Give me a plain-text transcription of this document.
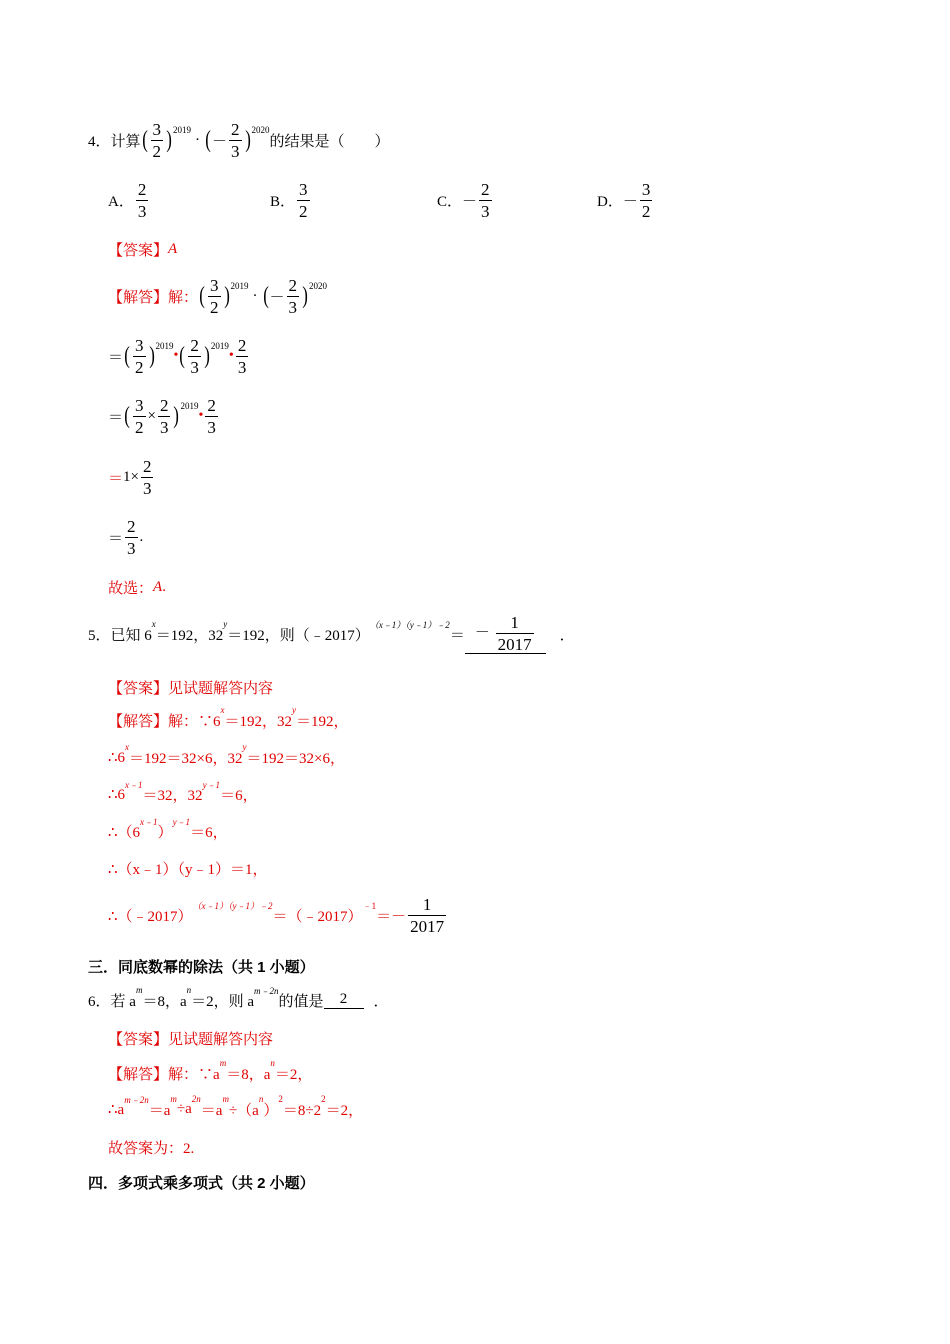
4． 计算 ( $\frac{3}{2} )^{2019}$
· ( － $\frac{2}{3} )^{2020}$
的结果是（　　）
A． $\frac{2}{3}$	B． $\frac{3}{2}$	C． － $\frac{2}{3}$	D． － $\frac{3}{2}$
【答案】 A
【解答】 解： ( $\frac{3}{2} )^{2019}$
· ( － $\frac{2}{3} )^{2020}$
＝ ( $\frac{3}{2} )^{2019}$
• ( $\frac{2}{3} )^{2019}$
• $\frac{2}{3}$
＝ ( $\frac{3}{2} \times \frac{2}{3} )^{2019}$
• $\frac{2}{3}$
＝ $1\times \frac{2}{3}$
＝ $\frac{2}{3}$ .
故选： A .
5． 已知 6
$^x$
＝192，32
$^y$
＝192，则（﹣2017）
$^{(x﹣1)(y﹣1)﹣2}$
＝ － $\frac{1}{2017}$ ．
【答案】 见试题解答内容
【解答】 解：∵6
$^x$
＝192，32
$^y$
＝192，
∴6
$^x$
＝192＝32×6，32
$^y$
＝192＝32×6，
∴6
$^{x﹣1}$
＝32，32
$^{y﹣1}$
＝6，
∴（6
$^{x﹣1}$
）
$^{y﹣1}$
＝6，
∴（x﹣1）（y﹣1）＝1，
∴（﹣2017）
$^{(x﹣1)(y﹣1)﹣2}$
＝（﹣2017）
$^{﹣1}$
＝－ $\frac{1}{2017}$
三．同底数幂的除法（共 1 小题）
6． 若 a
$^m$
＝8，a
$^n$
＝2，则 a
$^{m﹣2n}$
的值是	2	．
【答案】 见试题解答内容
【解答】 解：∵a
$^m$
＝8，a
$^n$
＝2，
∴a
$^{m﹣2n}$
＝a
$^m$
÷a
$^{2n}$
＝a
$^m$
÷（a
$^n$
）
$^2$
＝8÷2
$^2$
＝2，
故答案为：2.
四．多项式乘多项式（共 2 小题）
